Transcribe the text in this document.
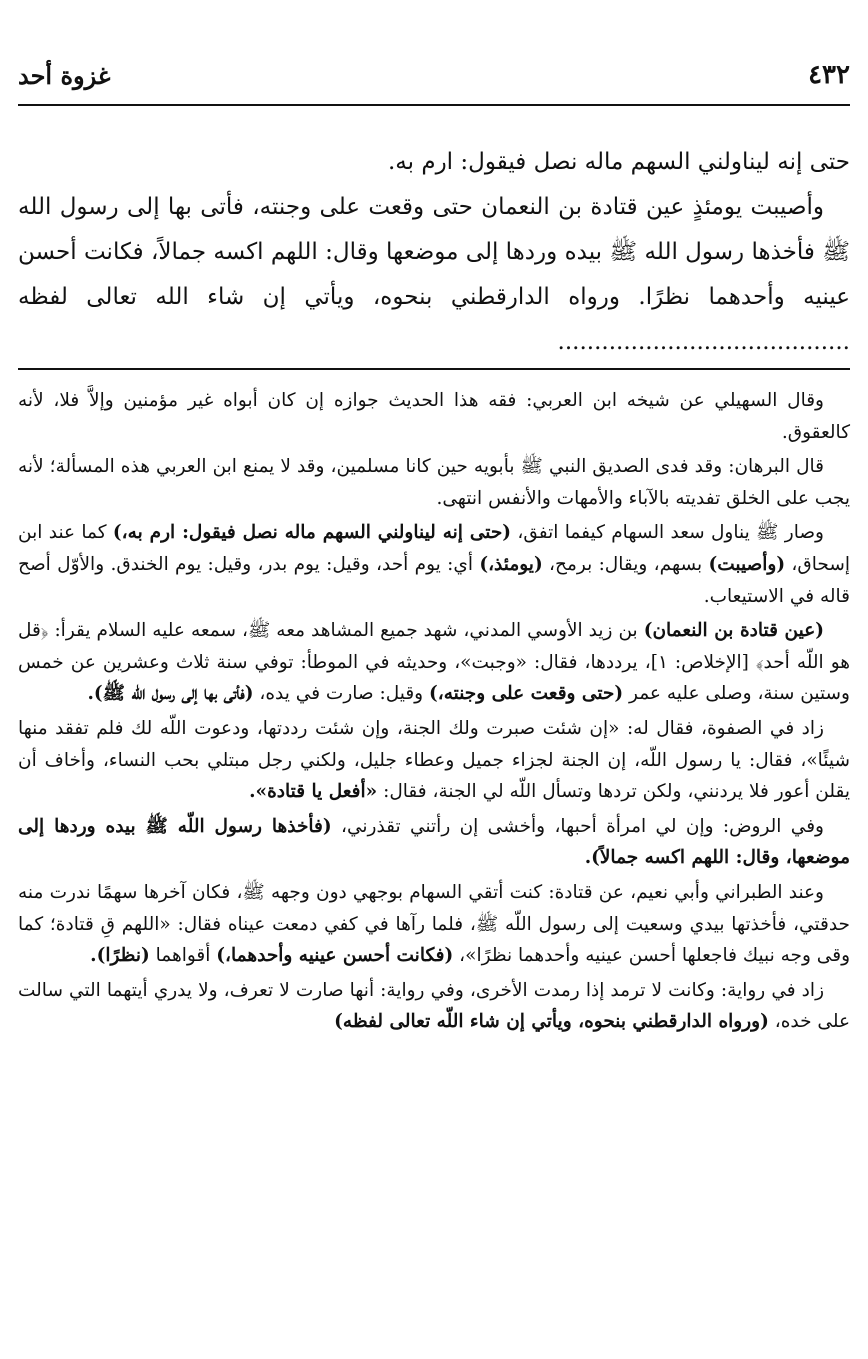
٤٣٢
غزوة أحد

حتى إنه ليناولني السهم ماله نصل فيقول: ارم به.

وأصيبت يومئذٍ عين قتادة بن النعمان حتى وقعت على وجنته، فأتى بها إلى رسول الله ﷺ فأخذها رسول الله ﷺ بيده وردها إلى موضعها وقال: اللهم اكسه جمالاً، فكانت أحسن عينيه وأحدهما نظرًا. ورواه الدارقطني بنحوه، ويأتي إن شاء الله تعالى لفظه ........................................

وقال السهيلي عن شيخه ابن العربي: فقه هذا الحديث جوازه إن كان أبواه غير مؤمنين وإلاَّ فلا، لأنه كالعقوق.

قال البرهان: وقد فدى الصديق النبي ﷺ بأبويه حين كانا مسلمين، وقد لا يمنع ابن العربي هذه المسألة؛ لأنه يجب على الخلق تفديته بالآباء والأمهات والأنفس انتهى.

وصار ﷺ يناول سعد السهام كيفما اتفق، (حتى إنه ليناولني السهم ماله نصل فيقول: ارم به،) كما عند ابن إسحاق، (وأصيبت) بسهم، ويقال: برمح، (يومئذ،) أي: يوم أحد، وقيل: يوم بدر، وقيل: يوم الخندق. والأوّل أصح قاله في الاستيعاب.

(عين قتادة بن النعمان) بن زيد الأوسي المدني، شهد جميع المشاهد معه ﷺ، سمعه عليه السلام يقرأ: ﴿قل هو اللّه أحد﴾ [الإخلاص: ١]، يرددها، فقال: «وجبت»، وحديثه في الموطأ: توفي سنة ثلاث وعشرين عن خمس وستين سنة، وصلى عليه عمر (حتى وقعت على وجنته،) وقيل: صارت في يده، (فأتى بها إلى رسول اللّه ﷺ).

زاد في الصفوة، فقال له: «إن شئت صبرت ولك الجنة، وإن شئت رددتها، ودعوت اللّه لك فلم تفقد منها شيئًا»، فقال: يا رسول اللّه، إن الجنة لجزاء جميل وعطاء جليل، ولكني رجل مبتلي بحب النساء، وأخاف أن يقلن أعور فلا يردنني، ولكن تردها وتسأل اللّه لي الجنة، فقال: «أفعل يا قتادة».

وفي الروض: وإن لي امرأة أحبها، وأخشى إن رأتني تقذرني، (فأخذها رسول اللّه ﷺ بيده وردها إلى موضعها، وقال: اللهم اكسه جمالاً).

وعند الطبراني وأبي نعيم، عن قتادة: كنت أتقي السهام بوجهي دون وجهه ﷺ، فكان آخرها سهمًا ندرت منه حدقتي، فأخذتها بيدي وسعيت إلى رسول اللّه ﷺ، فلما رآها في كفي دمعت عيناه فقال: «اللهم قِ قتادة؛ كما وقى وجه نبيك فاجعلها أحسن عينيه وأحدهما نظرًا»، (فكانت أحسن عينيه وأحدهما،) أقواهما (نظرًا).

زاد في رواية: وكانت لا ترمد إذا رمدت الأخرى، وفي رواية: أنها صارت لا تعرف، ولا يدري أيتهما التي سالت على خده، (ورواه الدارقطني بنحوه، ويأتي إن شاء اللّه تعالى لفظه)
